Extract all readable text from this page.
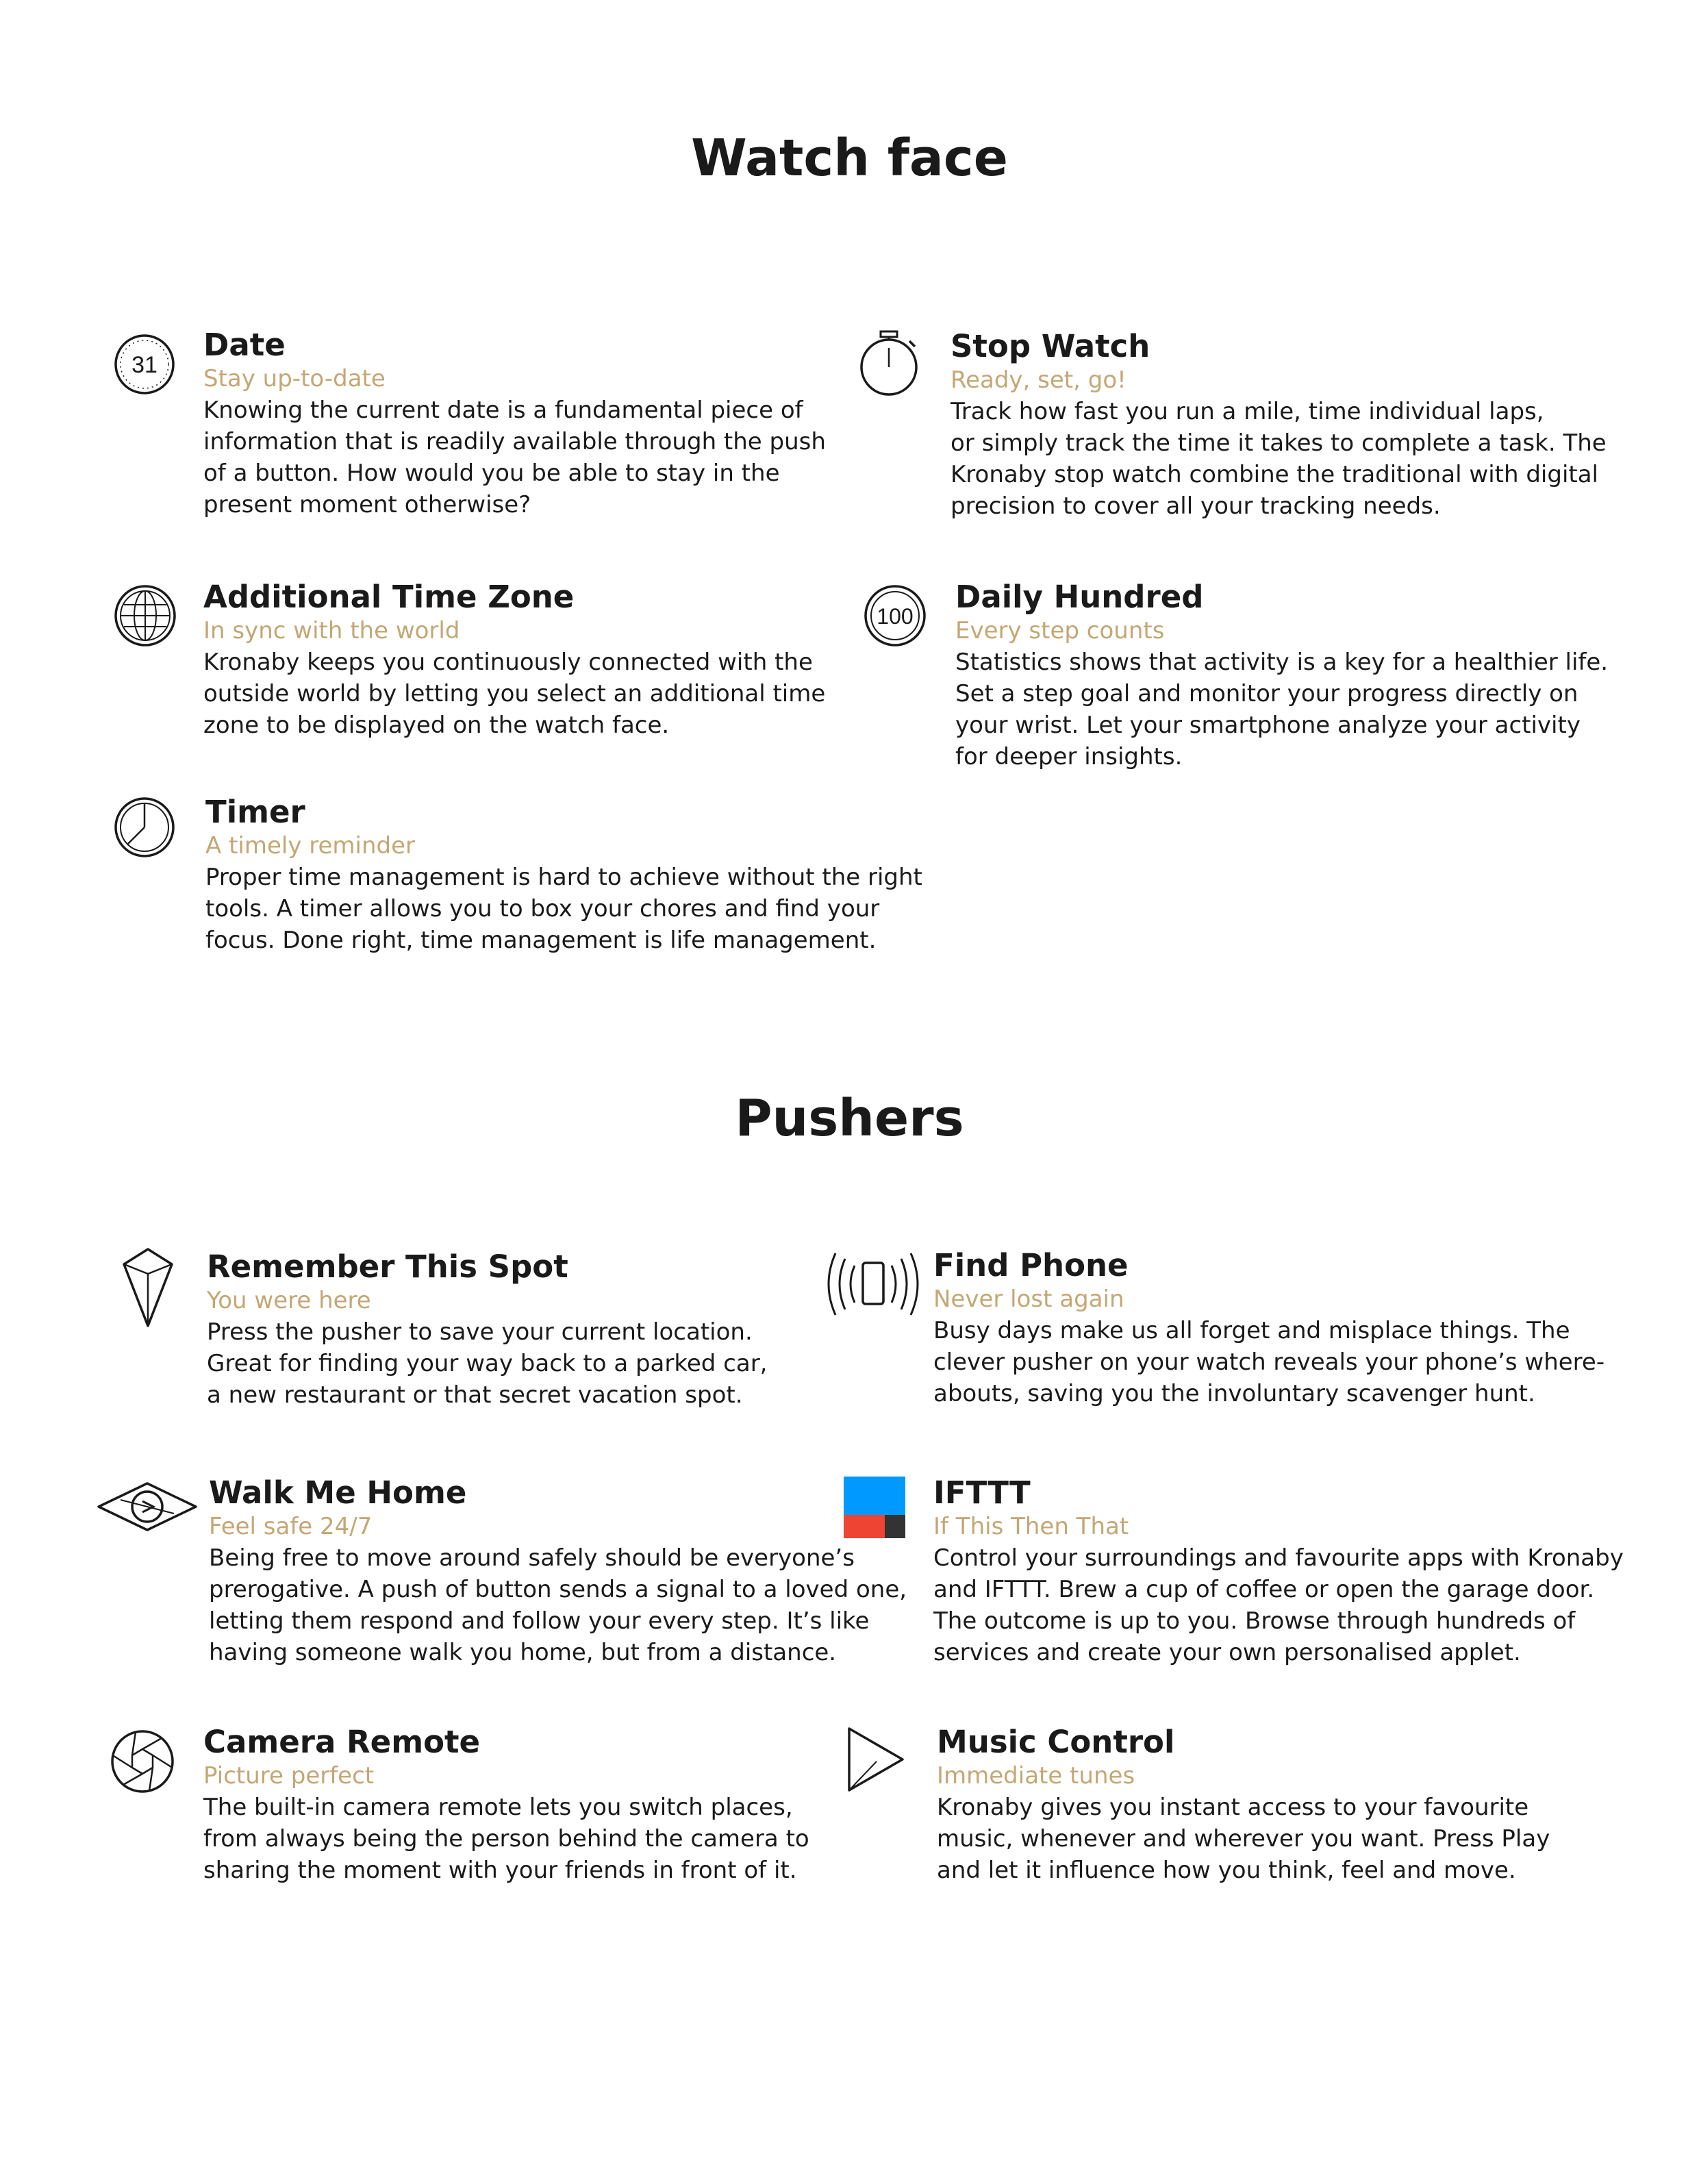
Watch face
31

Date

Stay up-to-date

Knowing the current date is a fundamental piece of

information that is readily available through the push

of a button. How would you be able to stay in the

present moment otherwise?

Stop Watch

Ready, set, go!

Track how fast you run a mile, time individual laps,

or simply track the time it takes to complete a task. The

Kronaby stop watch combine the traditional with digital

precision to cover all your tracking needs.

Additional Time Zone

In sync with the world

Kronaby keeps you continuously connected with the

outside world by letting you select an additional time

zone to be displayed on the watch face.

100

Daily Hundred

Every step counts

Statistics shows that activity is a key for a healthier life.

Set a step goal and monitor your progress directly on

your wrist. Let your smartphone analyze your activity

for deeper insights.

Timer

A timely reminder

Proper time management is hard to achieve without the right

tools. A timer allows you to box your chores and find your

focus. Done right, time management is life management.

Pushers

Remember This Spot

You were here

Press the pusher to save your current location.

Great for finding your way back to a parked car,

a new restaurant or that secret vacation spot.

Find Phone

Never lost again

Busy days make us all forget and misplace things. The

clever pusher on your watch reveals your phone’s where-

abouts, saving you the involuntary scavenger hunt.

Walk Me Home

Feel safe 24/7

Being free to move around safely should be everyone’s

prerogative. A push of button sends a signal to a loved one,

letting them respond and follow your every step. It’s like

having someone walk you home, but from a distance.

IFTTT

If This Then That

Control your surroundings and favourite apps with Kronaby

and IFTTT. Brew a cup of coffee or open the garage door.

The outcome is up to you. Browse through hundreds of

services and create your own personalised applet.

Camera Remote

Picture perfect

The built-in camera remote lets you switch places,

from always being the person behind the camera to

sharing the moment with your friends in front of it.

Music Control

Immediate tunes

Kronaby gives you instant access to your favourite

music, whenever and wherever you want. Press Play

and let it influence how you think, feel and move.
